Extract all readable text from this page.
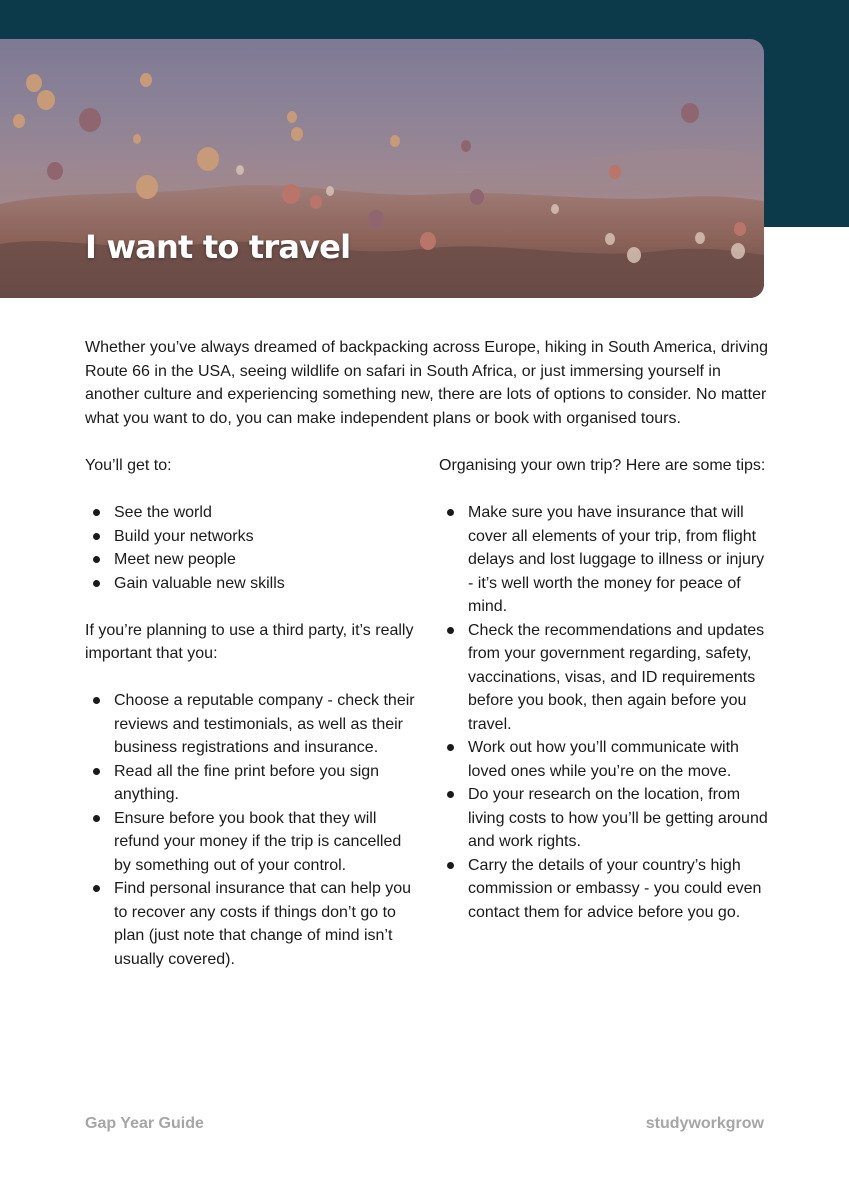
I want to travel

Whether you’ve always dreamed of backpacking across Europe, hiking in South America, driving Route 66 in the USA, seeing wildlife on safari in South Africa, or just immersing yourself in another culture and experiencing something new, there are lots of options to consider. No matter what you want to do, you can make independent plans or book with organised tours.

You’ll get to:

See the world
Build your networks
Meet new people
Gain valuable new skills

If you’re planning to use a third party, it’s really important that you:

Choose a reputable company - check their reviews and testimonials, as well as their business registrations and insurance.
Read all the fine print before you sign anything.
Ensure before you book that they will refund your money if the trip is cancelled by something out of your control.
Find personal insurance that can help you to recover any costs if things don’t go to plan (just note that change of mind isn’t usually covered).

Organising your own trip? Here are some tips:

Make sure you have insurance that will cover all elements of your trip, from flight delays and lost luggage to illness or injury - it’s well worth the money for peace of mind.
Check the recommendations and updates from your government regarding, safety, vaccinations, visas, and ID requirements before you book, then again before you travel.
Work out how you’ll communicate with loved ones while you’re on the move.
Do your research on the location, from living costs to how you’ll be getting around and work rights.
Carry the details of your country’s high commission or embassy - you could even contact them for advice before you go.
Gap Year Guide	studyworkgrow
